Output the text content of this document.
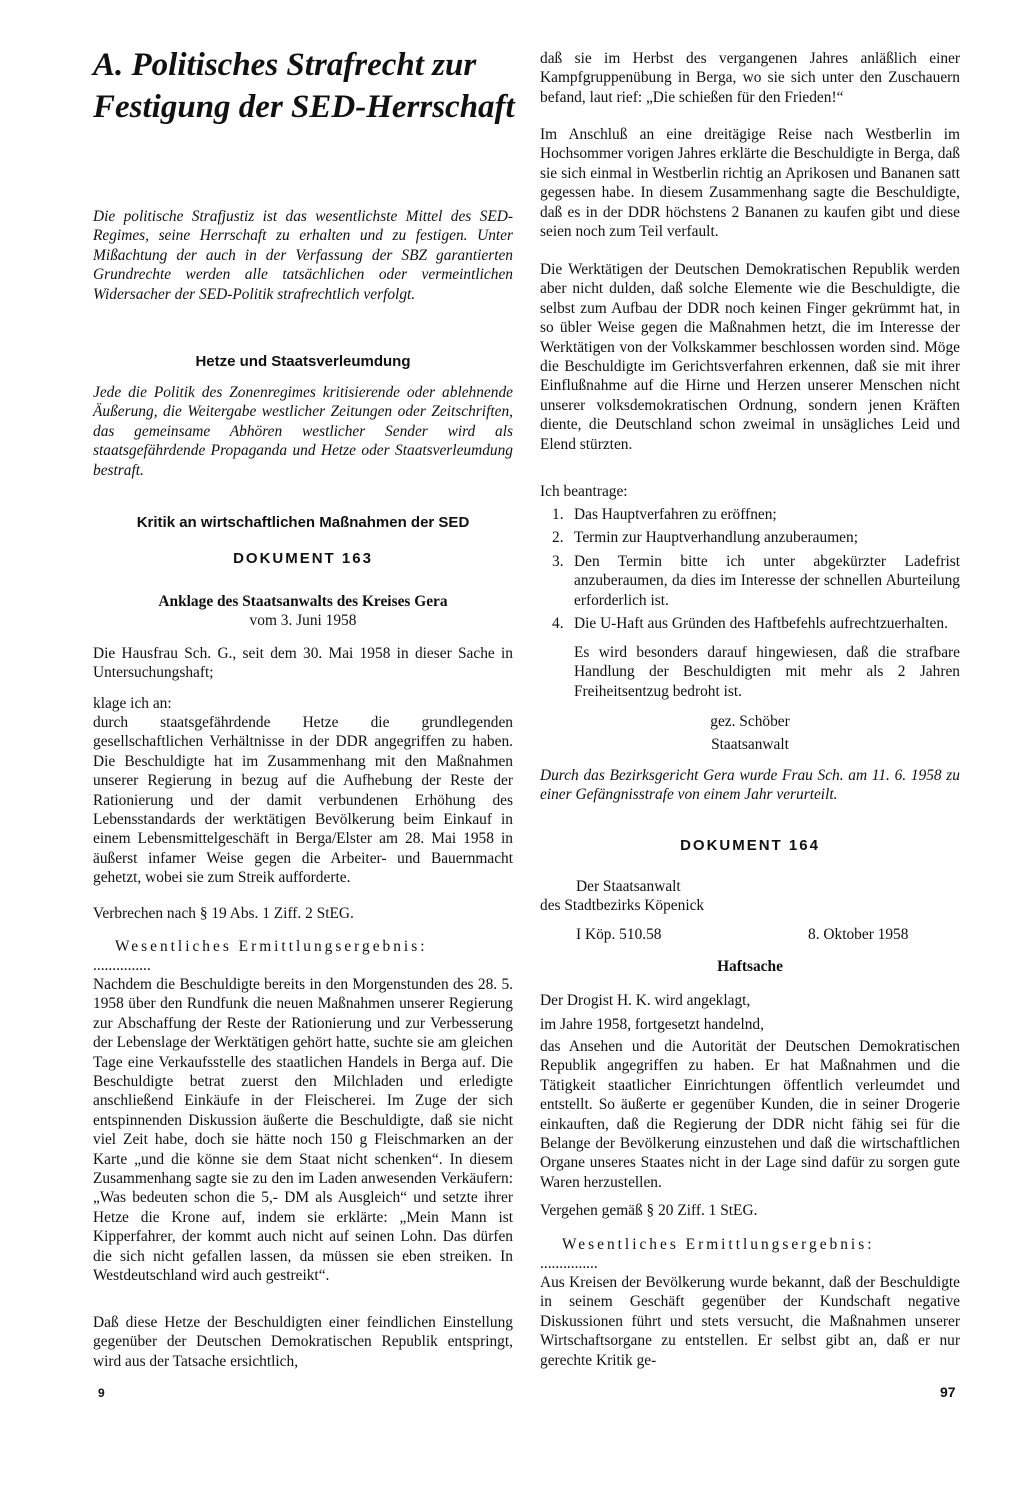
A. Politisches Strafrecht zur
Festigung der SED-Herrschaft

Die politische Strafjustiz ist das wesentlichste Mittel des SED-Regimes, seine Herrschaft zu erhalten und zu festigen. Unter Mißachtung der auch in der Verfassung der SBZ garantierten Grundrechte werden alle tatsächlichen oder vermeintlichen Widersacher der SED-Politik strafrechtlich verfolgt.

Hetze und Staatsverleumdung

Jede die Politik des Zonenregimes kritisierende oder ablehnende Äußerung, die Weitergabe westlicher Zeitungen oder Zeitschriften, das gemeinsame Abhören westlicher Sender wird als staatsgefährdende Propaganda und Hetze oder Staatsverleumdung bestraft.

Kritik an wirtschaftlichen Maßnahmen der SED

DOKUMENT 163

Anklage des Staatsanwalts des Kreises Gera

vom 3. Juni 1958

Die Hausfrau Sch. G., seit dem 30. Mai 1958 in dieser Sache in Untersuchungshaft;

klage ich an:

durch staatsgefährdende Hetze die grundlegenden gesellschaftlichen Verhältnisse in der DDR angegriffen zu haben. Die Beschuldigte hat im Zusammenhang mit den Maßnahmen unserer Regierung in bezug auf die Aufhebung der Reste der Rationierung und der damit verbundenen Erhöhung des Lebensstandards der werktätigen Bevölkerung beim Einkauf in einem Lebensmittelgeschäft in Berga/Elster am 28. Mai 1958 in äußerst infamer Weise gegen die Arbeiter- und Bauernmacht gehetzt, wobei sie zum Streik aufforderte.

Verbrechen nach § 19 Abs. 1 Ziff. 2 StEG.

Wesentliches Ermittlungsergebnis:

...............

Nachdem die Beschuldigte bereits in den Morgenstunden des 28. 5. 1958 über den Rundfunk die neuen Maßnahmen unserer Regierung zur Abschaffung der Reste der Rationierung und zur Verbesserung der Lebenslage der Werktätigen gehört hatte, suchte sie am gleichen Tage eine Verkaufsstelle des staatlichen Handels in Berga auf. Die Beschuldigte betrat zuerst den Milchladen und erledigte anschließend Einkäufe in der Fleischerei. Im Zuge der sich entspinnenden Diskussion äußerte die Beschuldigte, daß sie nicht viel Zeit habe, doch sie hätte noch 150 g Fleischmarken an der Karte „und die könne sie dem Staat nicht schenken“. In diesem Zusammenhang sagte sie zu den im Laden anwesenden Verkäufern: „Was bedeuten schon die 5,- DM als Ausgleich“ und setzte ihrer Hetze die Krone auf, indem sie erklärte: „Mein Mann ist Kipperfahrer, der kommt auch nicht auf seinen Lohn. Das dürfen die sich nicht gefallen lassen, da müssen sie eben streiken. In Westdeutschland wird auch gestreikt“.

Daß diese Hetze der Beschuldigten einer feindlichen Einstellung gegenüber der Deutschen Demokratischen Republik entspringt, wird aus der Tatsache ersichtlich,

daß sie im Herbst des vergangenen Jahres anläßlich einer Kampfgruppenübung in Berga, wo sie sich unter den Zuschauern befand, laut rief: „Die schießen für den Frieden!“

Im Anschluß an eine dreitägige Reise nach Westberlin im Hochsommer vorigen Jahres erklärte die Beschuldigte in Berga, daß sie sich einmal in Westberlin richtig an Aprikosen und Bananen satt gegessen habe. In diesem Zusammenhang sagte die Beschuldigte, daß es in der DDR höchstens 2 Bananen zu kaufen gibt und diese seien noch zum Teil verfault.

Die Werktätigen der Deutschen Demokratischen Republik werden aber nicht dulden, daß solche Elemente wie die Beschuldigte, die selbst zum Aufbau der DDR noch keinen Finger gekrümmt hat, in so übler Weise gegen die Maßnahmen hetzt, die im Interesse der Werktätigen von der Volkskammer beschlossen worden sind. Möge die Beschuldigte im Gerichtsverfahren erkennen, daß sie mit ihrer Einflußnahme auf die Hirne und Herzen unserer Menschen nicht unserer volksdemokratischen Ordnung, sondern jenen Kräften diente, die Deutschland schon zweimal in unsägliches Leid und Elend stürzten.

Ich beantrage:

1. Das Hauptverfahren zu eröffnen;
2. Termin zur Hauptverhandlung anzuberaumen;
3. Den Termin bitte ich unter abgekürzter Ladefrist anzuberaumen, da dies im Interesse der schnellen Aburteilung erforderlich ist.
4. Die U-Haft aus Gründen des Haftbefehls aufrechtzuerhalten.

Es wird besonders darauf hingewiesen, daß die strafbare Handlung der Beschuldigten mit mehr als 2 Jahren Freiheitsentzug bedroht ist.

gez. Schöber

Staatsanwalt

Durch das Bezirksgericht Gera wurde Frau Sch. am 11. 6. 1958 zu einer Gefängnisstrafe von einem Jahr verurteilt.

DOKUMENT 164

Der Staatsanwalt

des Stadtbezirks Köpenick

I Köp. 510.58	8. Oktober 1958

Haftsache

Der Drogist H. K. wird angeklagt,

im Jahre 1958, fortgesetzt handelnd,

das Ansehen und die Autorität der Deutschen Demokratischen Republik angegriffen zu haben. Er hat Maßnahmen und die Tätigkeit staatlicher Einrichtungen öffentlich verleumdet und entstellt. So äußerte er gegenüber Kunden, die in seiner Drogerie einkauften, daß die Regierung der DDR nicht fähig sei für die Belange der Bevölkerung einzustehen und daß die wirtschaftlichen Organe unseres Staates nicht in der Lage sind dafür zu sorgen gute Waren herzustellen.

Vergehen gemäß § 20 Ziff. 1 StEG.

Wesentliches Ermittlungsergebnis:

...............

Aus Kreisen der Bevölkerung wurde bekannt, daß der Beschuldigte in seinem Geschäft gegenüber der Kundschaft negative Diskussionen führt und stets versucht, die Maßnahmen unserer Wirtschaftsorgane zu entstellen. Er selbst gibt an, daß er nur gerechte Kritik ge-

9	97
